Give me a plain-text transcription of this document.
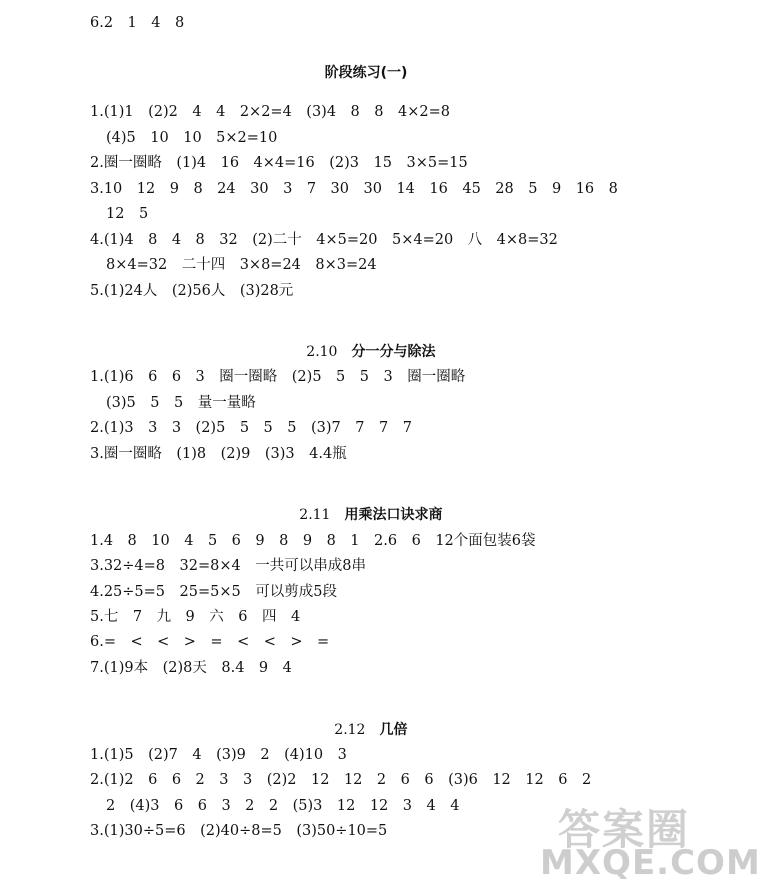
6.2　1　4　8
阶段练习(一)
1.(1)1　(2)2　4　4　2×2=4　(3)4　8　8　4×2=8
(4)5　10　10　5×2=10
2.圈一圈略　(1)4　16　4×4=16　(2)3　15　3×5=15
3.10　12　9　8　24　30　3　7　30　30　14　16　45　28　5　9　16　8
12　5
4.(1)4　8　4　8　32　(2)二十　4×5=20　5×4=20　八　4×8=32
8×4=32　二十四　3×8=24　8×3=24
5.(1)24人　(2)56人　(3)28元

2.10　 分一分与除法

1.(1)6　6　6　3　圈一圈略　(2)5　5　5　3　圈一圈略
(3)5　5　5　量一量略
2.(1)3　3　3　(2)5　5　5　5　(3)7　7　7　7
3.圈一圈略　(1)8　(2)9　(3)3　4.4瓶

2.11　 用乘法口诀求商

1.4　8　10　4　5　6　9　8　9　8　1　2.6　6　12个面包装6袋
3.32÷4=8　32=8×4　一共可以串成8串
4.25÷5=5　25=5×5　可以剪成5段
5.七　7　九　9　六　6　四　4
6.=　<　<　>　=　<　<　>　=
7.(1)9本　(2)8天　8.4　9　4

2.12　 几倍

1.(1)5　(2)7　4　(3)9　2　(4)10　3
2.(1)2　6　6　2　3　3　(2)2　12　12　2　6　6　(3)6　12　12　6　2
2　(4)3　6　6　3　2　2　(5)3　12　12　3　4　4
3.(1)30÷5=6　(2)40÷8=5　(3)50÷10=5	答案圈
MXQE.COM
